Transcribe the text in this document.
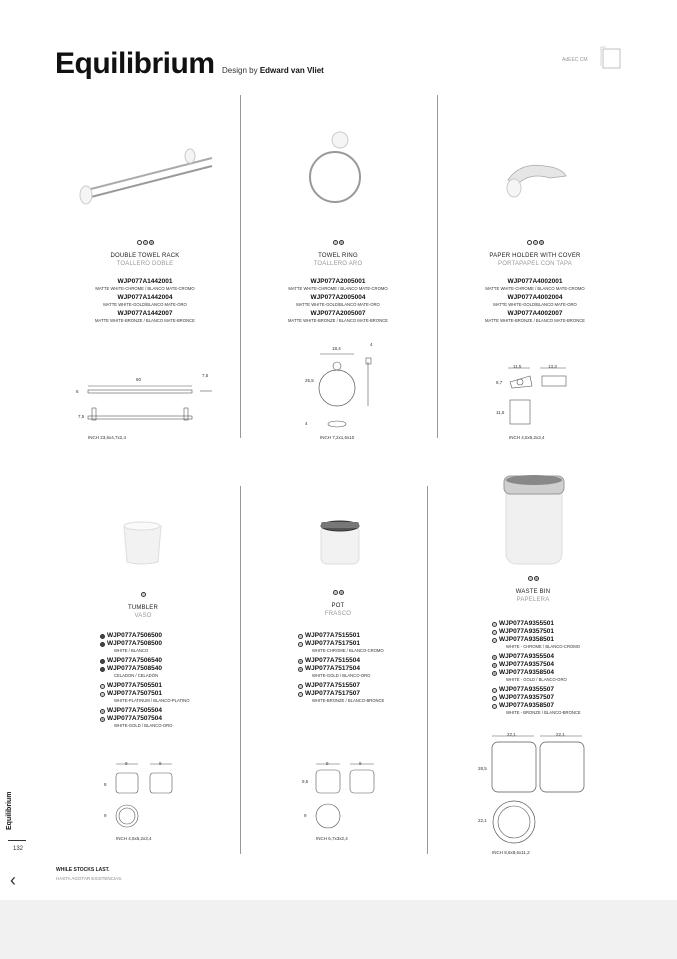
Equilibrium Design by Edward van Vliet
AdEEC CM
DOUBLE TOWEL RACK
TOALLERO DOBLE
WJP077A1442001
MATTE WHITE-CHROME / BLANCO MATE-CROMO
WJP077A1442004
MATTE WHITE-GOLD/BLANCO MATE-ORO
WJP077A1442007
MATTE WHITE-BRONZE / BLANCO MATE-BRONCE
60
7,5
6
7,5
INCH 23,6x4,7x2,4
TOWEL RING
TOALLERO ARO
WJP077A2005001
MATTE WHITE-CHROME / BLANCO MATE-CROMO
WJP077A2005004
MATTE WHITE-GOLD/BLANCO MATE-ORO
WJP077A2005007
MATTE WHITE-BRONZE / BLANCO MATE-BRONCE
18,4
4
25,5
4
INCH 7,2x1,6x10
PAPER HOLDER WITH COVER
PORTAPAPEL CON TAPA
WJP077A4002001
MATTE WHITE-CHROME / BLANCO MATE-CROMO
WJP077A4002004
MATTE WHITE-GOLD/BLANCO MATE-ORO
WJP077A4002007
MATTE WHITE-BRONZE / BLANCO MATE-BRONCE
11,5	13,3
8,7
11,5
INCH 4,5x5,2x3,4
TUMBLER
VASO
WJP077A7506500
WJP077A7508500
WHITE / BLANCO
WJP077A7506540
WJP077A7508540
CELADON / CELADÓN
WJP077A7505501
WJP077A7507501
WHITE-PLATINUM / BLANCO-PLATINO
WJP077A7505504
WJP077A7507504
WHITE-GOLD / BLANCO-ORO
9	9
8
9
INCH 4,5x5,2x3,4
POT
FRASCO
WJP077A7515501
WJP077A7517501
WHITE-CHROME / BLANCO-CROMO
WJP077A7515504
WJP077A7517504
WHITE-GOLD / BLANCO-ORO
WJP077A7515507
WJP077A7517507
WHITE-BRONZE / BLANCO-BRONCE
9	9
9,5
9
INCH 6,7x3x2,4
WASTE BIN
PAPELERA
WJP077A9355501
WJP077A9357501
WJP077A9358501
WHITE - CHROME / BLANCO-CROMO
WJP077A9355504
WJP077A9357504
WJP077A9358504
WHITE - GOLD / BLANCO-ORO
WJP077A9355507
WJP077A9357507
WJP077A9358507
WHITE - BRONZE / BLANCO-BRONCE
22,1	22,1
28,5
22,1
INCH 8,6x8,6x11,2
Equilibrium
132
‹	WHILE STOCKS LAST.
HASTA AGOTAR EXISTENCIAS.
